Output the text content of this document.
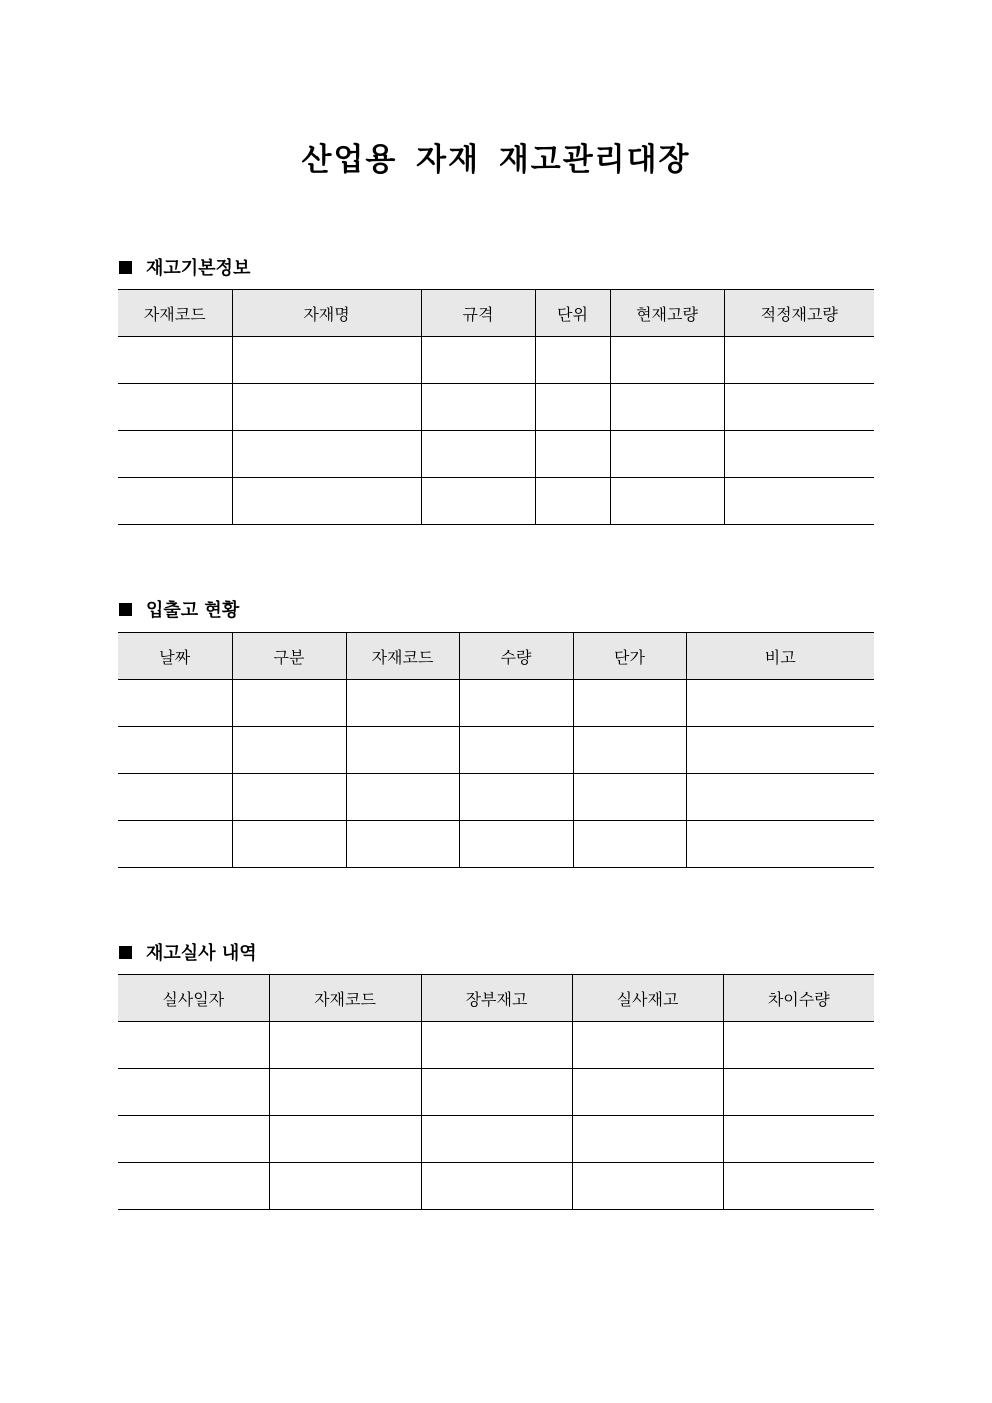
산업용 자재 재고관리대장
재고기본정보
자재코드	자재명	규격	단위	현재고량	적정재고량

입출고 현황
날짜	구분	자재코드	수량	단가	비고

재고실사 내역
실사일자	자재코드	장부재고	실사재고	차이수량
